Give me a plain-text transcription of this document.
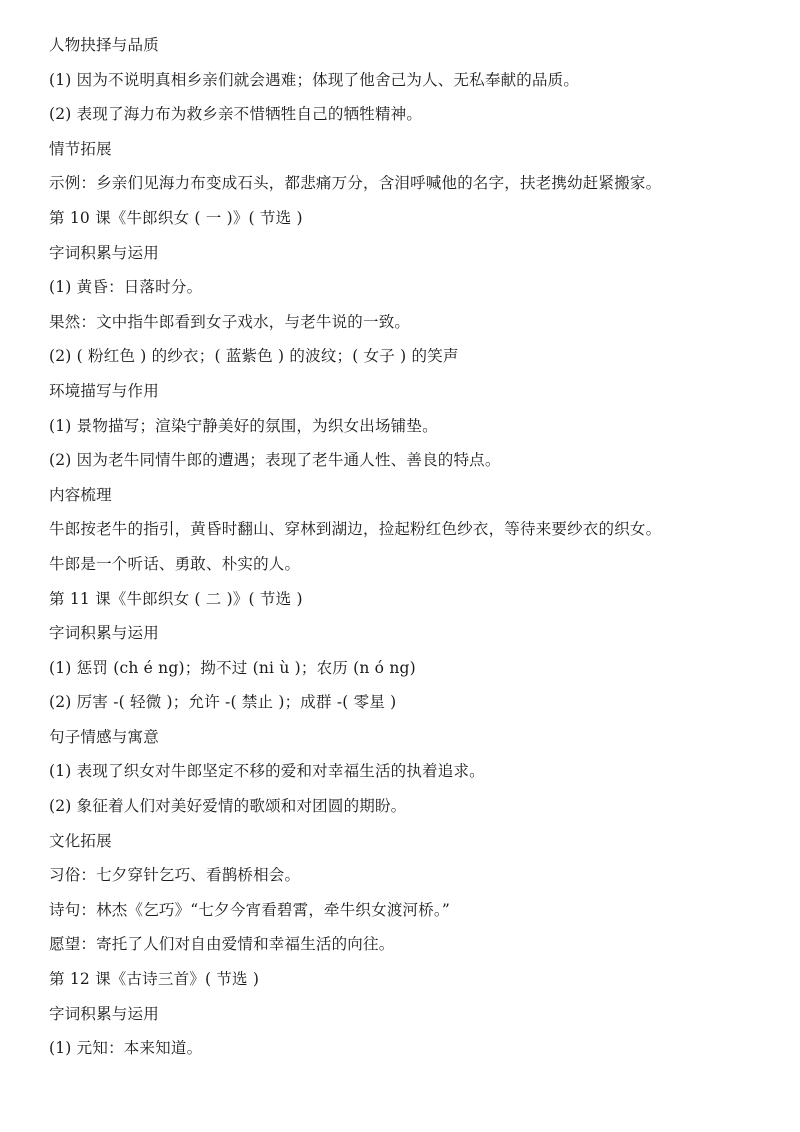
人物抉择与品质
(1) 因为不说明真相乡亲们就会遇难；体现了他舍己为人、无私奉献的品质。
(2) 表现了海力布为救乡亲不惜牺牲自己的牺牲精神。
情节拓展
示例：乡亲们见海力布变成石头，都悲痛万分，含泪呼喊他的名字，扶老携幼赶紧搬家。
第 10 课《牛郎织女 ( 一 )》( 节选 )
字词积累与运用
(1) 黄昏：日落时分。
果然：文中指牛郎看到女子戏水，与老牛说的一致。
(2) ( 粉红色 ) 的纱衣；( 蓝紫色 ) 的波纹；( 女子 ) 的笑声
环境描写与作用
(1) 景物描写；渲染宁静美好的氛围，为织女出场铺垫。
(2) 因为老牛同情牛郎的遭遇；表现了老牛通人性、善良的特点。
内容梳理
牛郎按老牛的指引，黄昏时翻山、穿林到湖边，捡起粉红色纱衣，等待来要纱衣的织女。
牛郎是一个听话、勇敢、朴实的人。
第 11 课《牛郎织女 ( 二 )》( 节选 )
字词积累与运用
(1) 惩罚 (ch é ng)；拗不过 (ni ù )；农历 (n ó ng)
(2) 厉害 -( 轻微 )；允许 -( 禁止 )；成群 -( 零星 )
句子情感与寓意
(1) 表现了织女对牛郎坚定不移的爱和对幸福生活的执着追求。
(2) 象征着人们对美好爱情的歌颂和对团圆的期盼。
文化拓展
习俗：七夕穿针乞巧、看鹊桥相会。
诗句：林杰《乞巧》“七夕今宵看碧霄，牵牛织女渡河桥。”
愿望：寄托了人们对自由爱情和幸福生活的向往。
第 12 课《古诗三首》( 节选 )
字词积累与运用
(1) 元知：本来知道。
